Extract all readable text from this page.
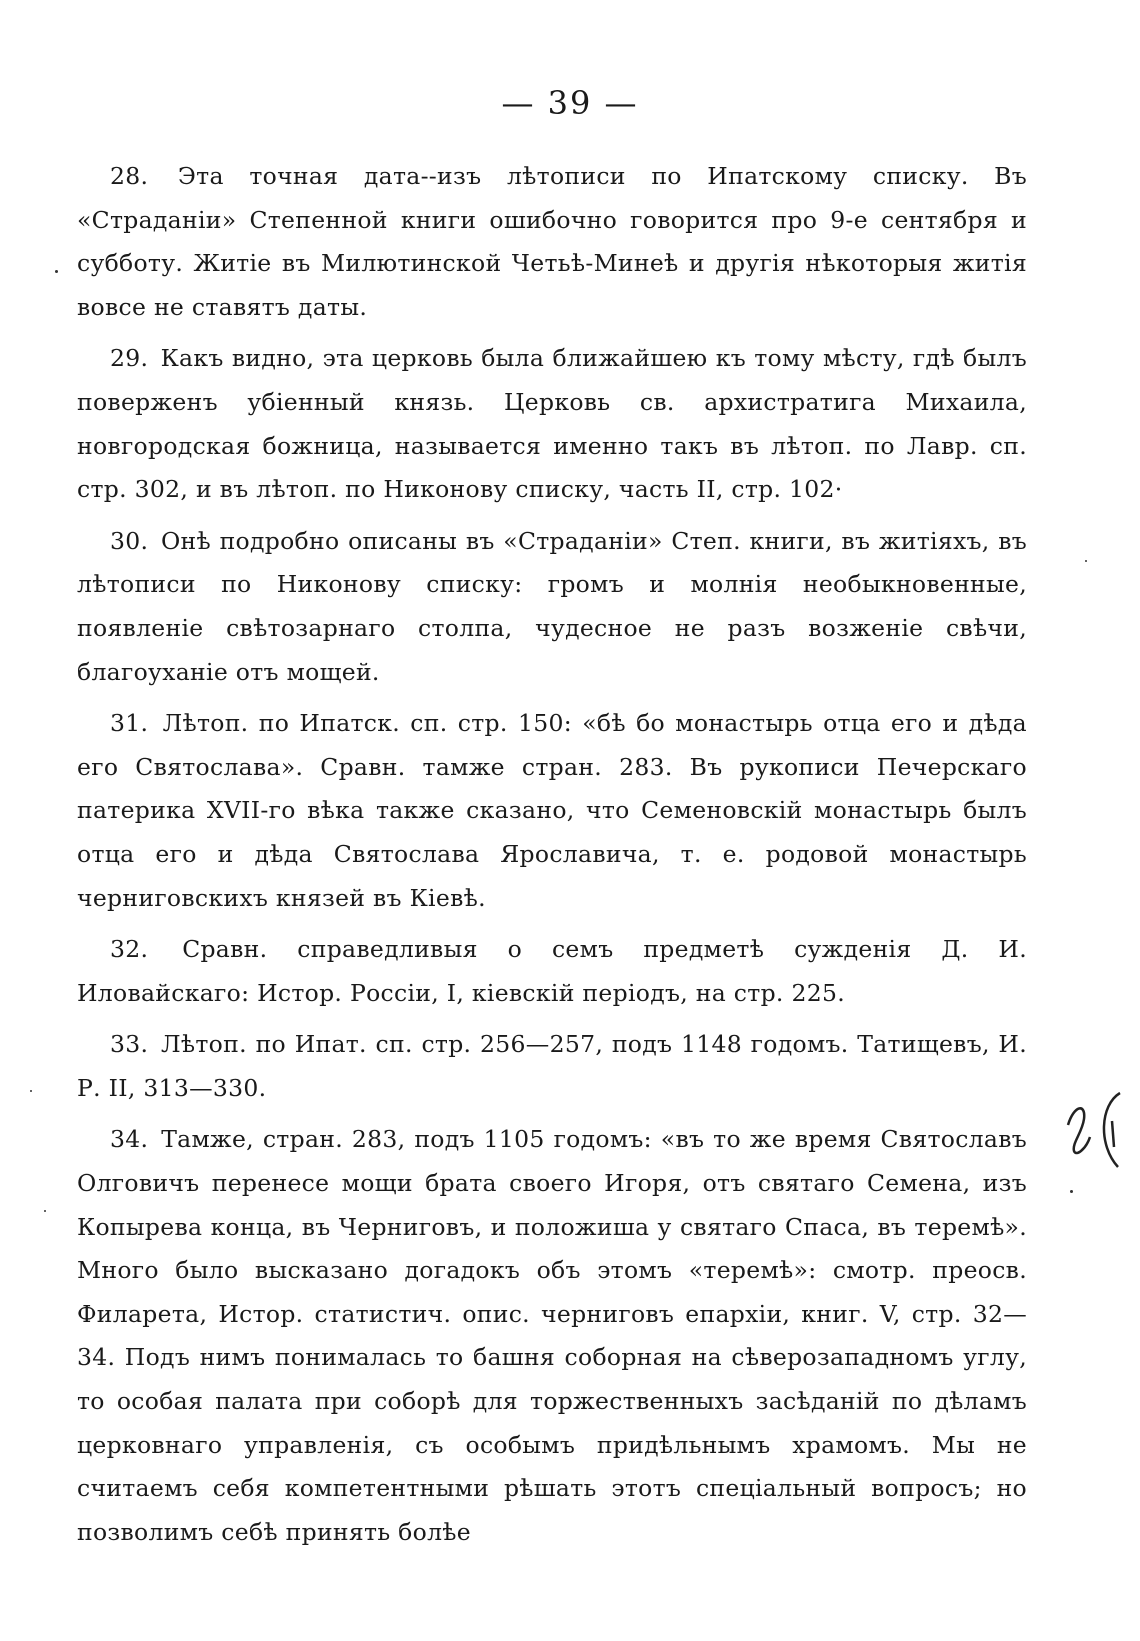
— 39 —

28. Эта точная дата--изъ лѣтописи по Ипатскому списку. Въ «Страданіи» Степенной книги ошибочно говорится про 9-е сентября и субботу. Житіе въ Милютинской Четьѣ-Минеѣ и другія нѣкоторыя житія вовсе не ставятъ даты.

29. Какъ видно, эта церковь была ближайшею къ тому мѣсту, гдѣ былъ поверженъ убіенный князь. Церковь св. архистратига Михаила, новгородская божница, называется именно такъ въ лѣтоп. по Лавр. сп. стр. 302, и въ лѣтоп. по Никонову списку, часть II, стр. 102·

30. Онѣ подробно описаны въ «Страданіи» Степ. книги, въ житіяхъ, въ лѣтописи по Никонову списку: громъ и молнія необыкновенные, появленіе свѣтозарнаго столпа, чудесное не разъ возженіе свѣчи, благоуханіе отъ мощей.

31. Лѣтоп. по Ипатск. сп. стр. 150: «бѣ бо монастырь отца его и дѣда его Святослава». Сравн. тамже стран. 283. Въ рукописи Печерскаго патерика XVII-го вѣка также сказано, что Семеновскій монастырь былъ отца его и дѣда Святослава Ярославича, т. е. родовой монастырь черниговскихъ князей въ Кіевѣ.

32. Сравн. справедливыя о семъ предметѣ сужденія Д. И. Иловайскаго: Истор. Россіи, I, кіевскій періодъ, на стр. 225.

33. Лѣтоп. по Ипат. сп. стр. 256—257, подъ 1148 годомъ. Татищевъ, И. Р. II, 313—330.

34. Тамже, стран. 283, подъ 1105 годомъ: «въ то же время Святославъ Олговичъ перенесе мощи брата своего Игоря, отъ святаго Семена, изъ Копырева конца, въ Черниговъ, и положиша у святаго Спаса, въ теремѣ». Много было высказано догадокъ объ этомъ «теремѣ»: смотр. преосв. Филарета, Истор. статистич. опис. черниговъ епархіи, книг. V, стр. 32—34. Подъ нимъ понималась то башня соборная на сѣверозападномъ углу, то особая палата при соборѣ для торжественныхъ засѣданій по дѣламъ церковнаго управленія, съ особымъ придѣльнымъ храмомъ. Мы не считаемъ себя компетентными рѣшать этотъ спеціальный вопросъ; но позволимъ себѣ принять болѣе
